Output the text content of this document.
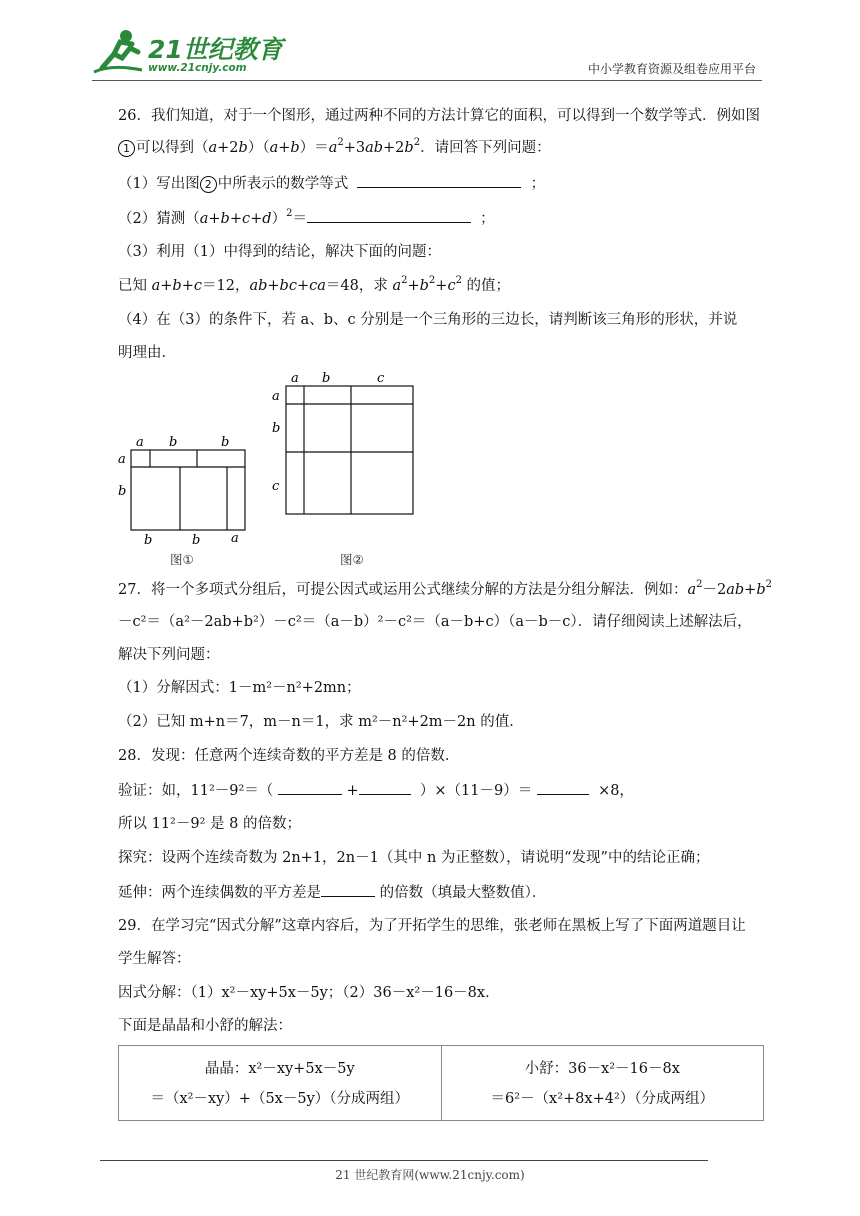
21世纪教育
www.21cnjy.com	中小学教育资源及组卷应用平台
26．我们知道，对于一个图形，通过两种不同的方法计算它的面积，可以得到一个数学等式．例如图
1 可以得到$(a+2b)(a+b)=a^2+3ab+2b^2$．请回答下列问题：
（1）写出图 2 中所表示的数学等式	；
（2）猜测$(a+b+c+d)^2=$	；
（3）利用（1）中得到的结论，解决下面的问题：
已知 a+b+c＝12，ab+bc+ca＝48，求 $a^2+b^2+c^2$ 的值；
（4）在（3）的条件下，若 a、b、c 分别是一个三角形的三边长，请判断该三角形的形状，并说
明理由．
a b	b
a
b
b	b a
图①
a b	c
a
b
c
图②
27．将一个多项式分组后，可提公因式或运用公式继续分解的方法是分组分解法．例如：$a^2-2ab+b^2$
－c²＝（a²－2ab+b²）－c²＝（a－b）²－c²＝（a－b+c）（a－b－c）．请仔细阅读上述解法后，
解决下列问题：
（1）分解因式：1－m²－n²+2mn；
（2）已知 m+n＝7，m－n＝1，求 m²－n²+2m－2n 的值．
28．发现：任意两个连续奇数的平方差是 8 的倍数．
验证：如，11²－9²＝（	+	）×（11－9）＝	×8，
所以 11²－9² 是 8 的倍数；
探究：设两个连续奇数为 2n+1，2n－1（其中 n 为正整数），请说明“发现”中的结论正确；
延伸：两个连续偶数的平方差是	的倍数（填最大整数值）．
29．在学习完“因式分解”这章内容后，为了开拓学生的思维，张老师在黑板上写了下面两道题目让
学生解答：
因式分解：（1）x²－xy+5x－5y；（2）36－x²－16－8x．
下面是晶晶和小舒的解法：
晶晶：x²－xy+5x－5y
＝（x²－xy）+（5x－5y）（分成两组）

小舒：36－x²－16－8x
＝6²－（x²+8x+4²）（分成两组）
21 世纪教育网(www.21cnjy.com)
